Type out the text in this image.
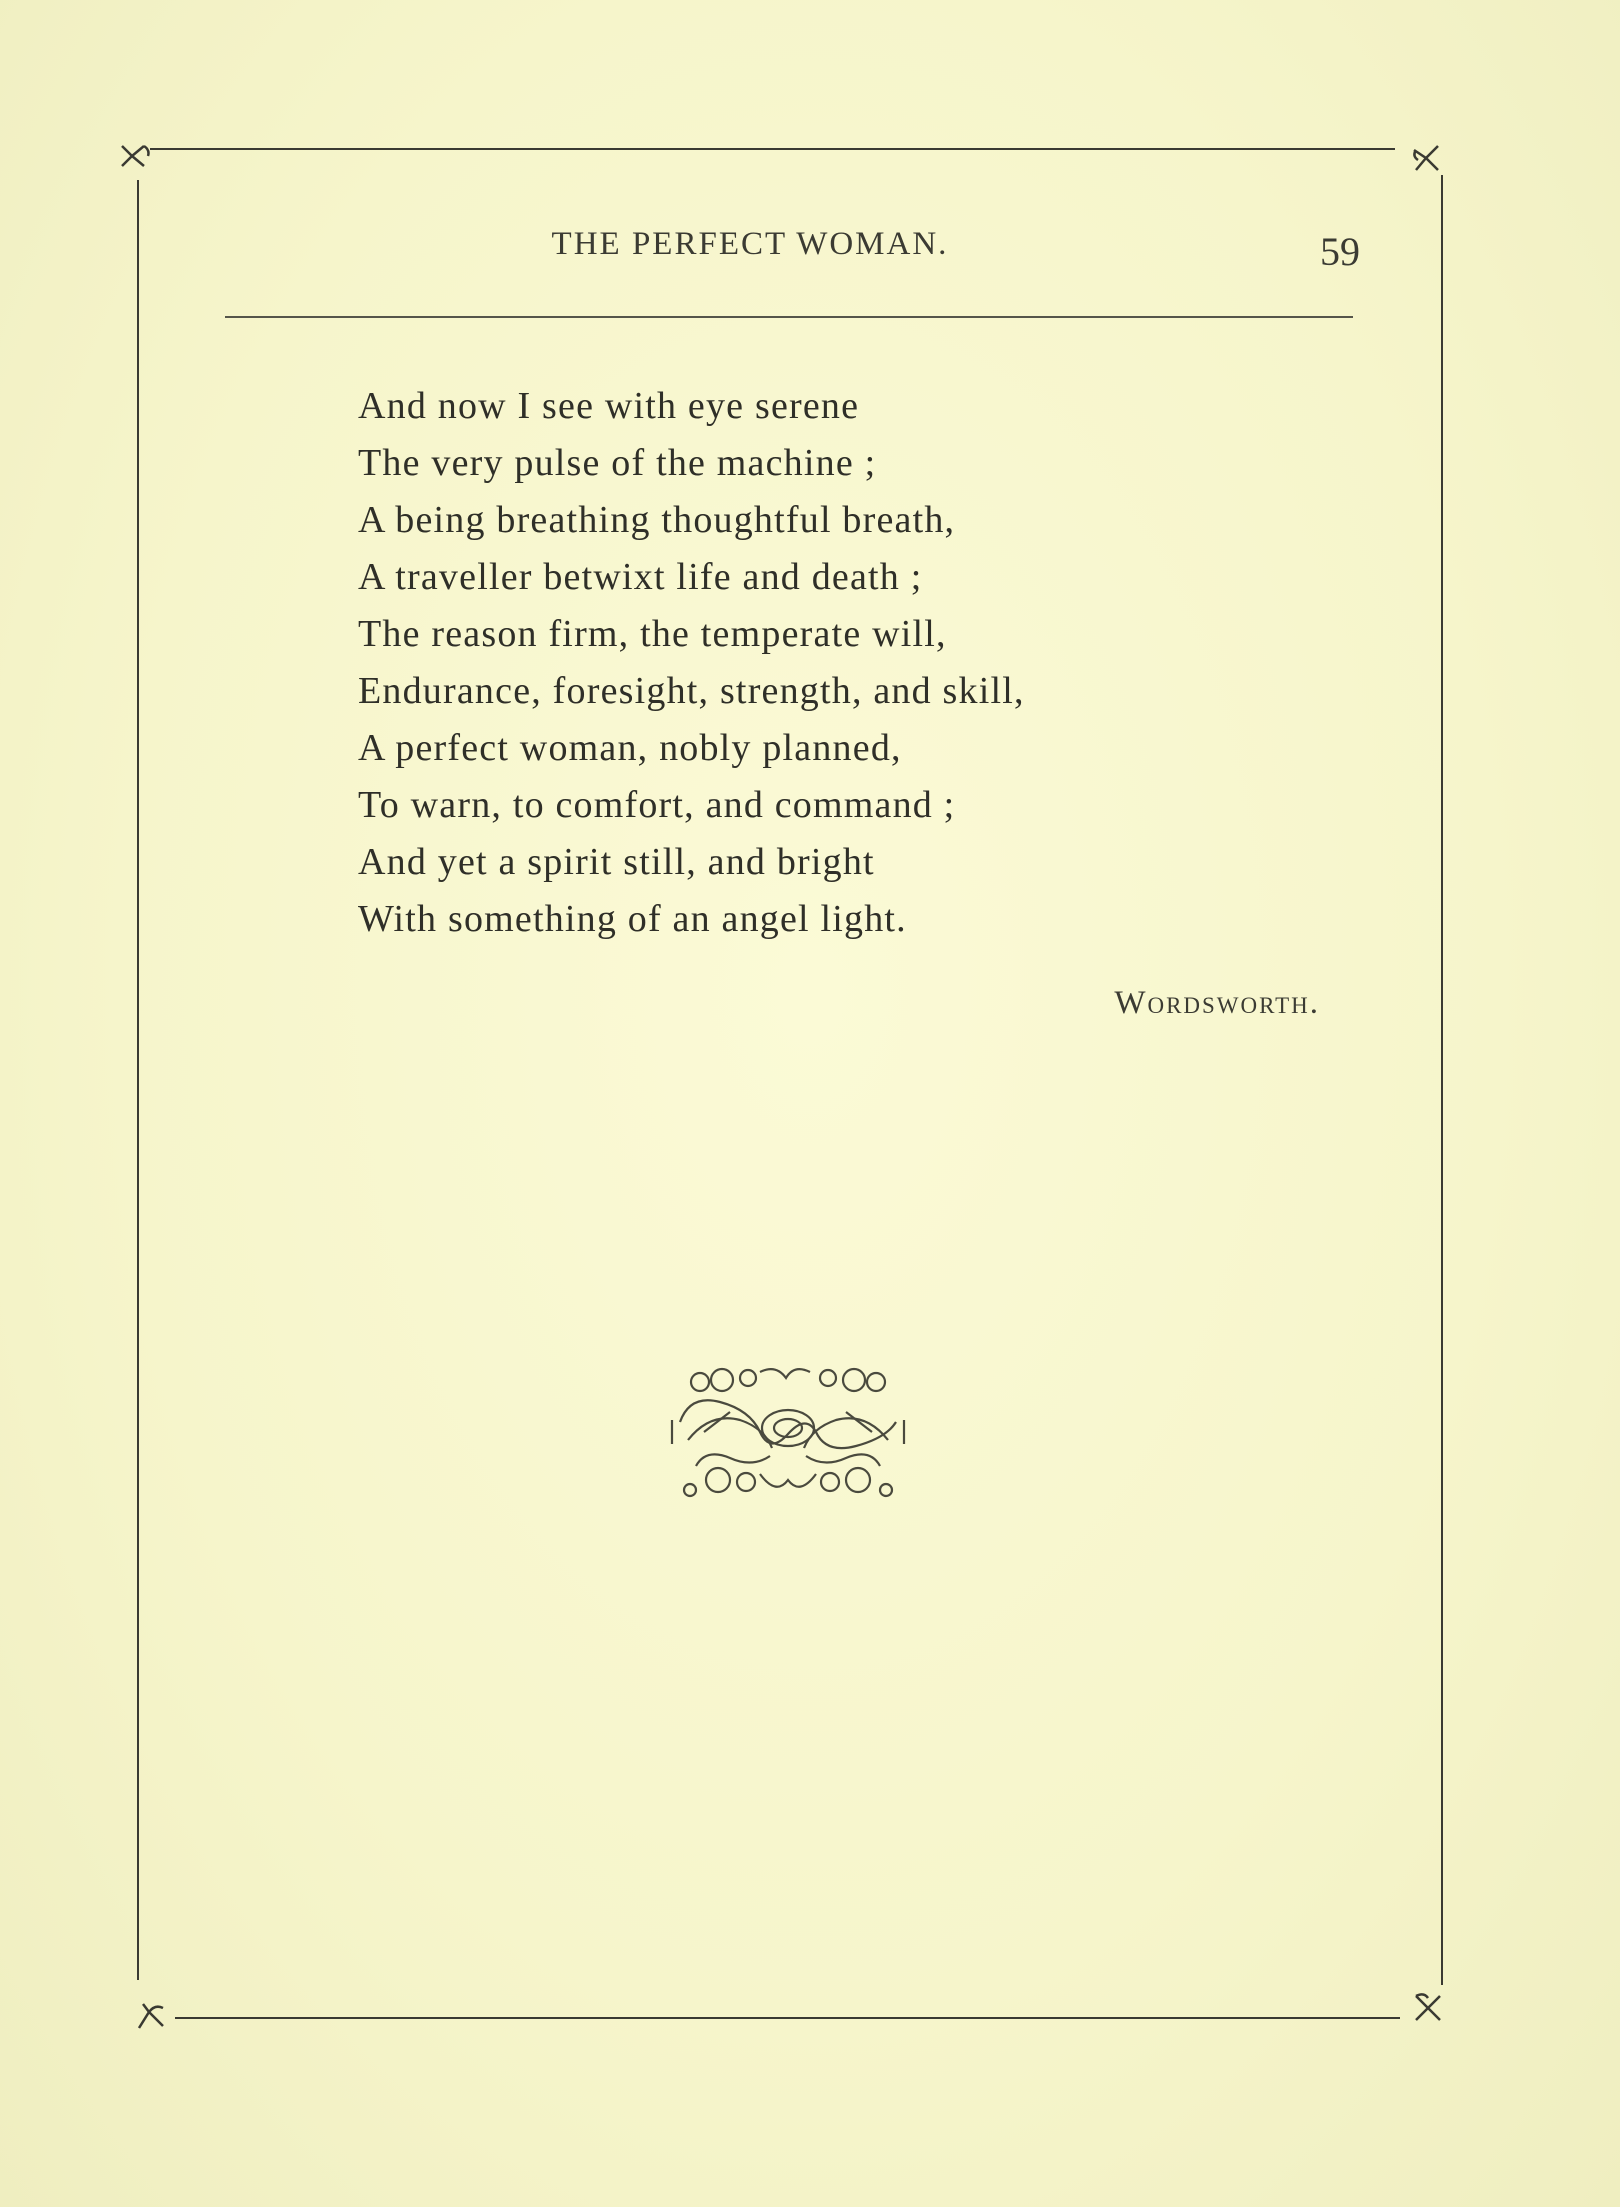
THE PERFECT WOMAN.	59
And now I see with eye serene
The very pulse of the machine ;
A being breathing thoughtful breath,
A traveller betwixt life and death ;
The reason firm, the temperate will,
Endurance, foresight, strength, and skill,
A perfect woman, nobly planned,
To warn, to comfort, and command ;
And yet a spirit still, and bright
With something of an angel light.
Wordsworth.
